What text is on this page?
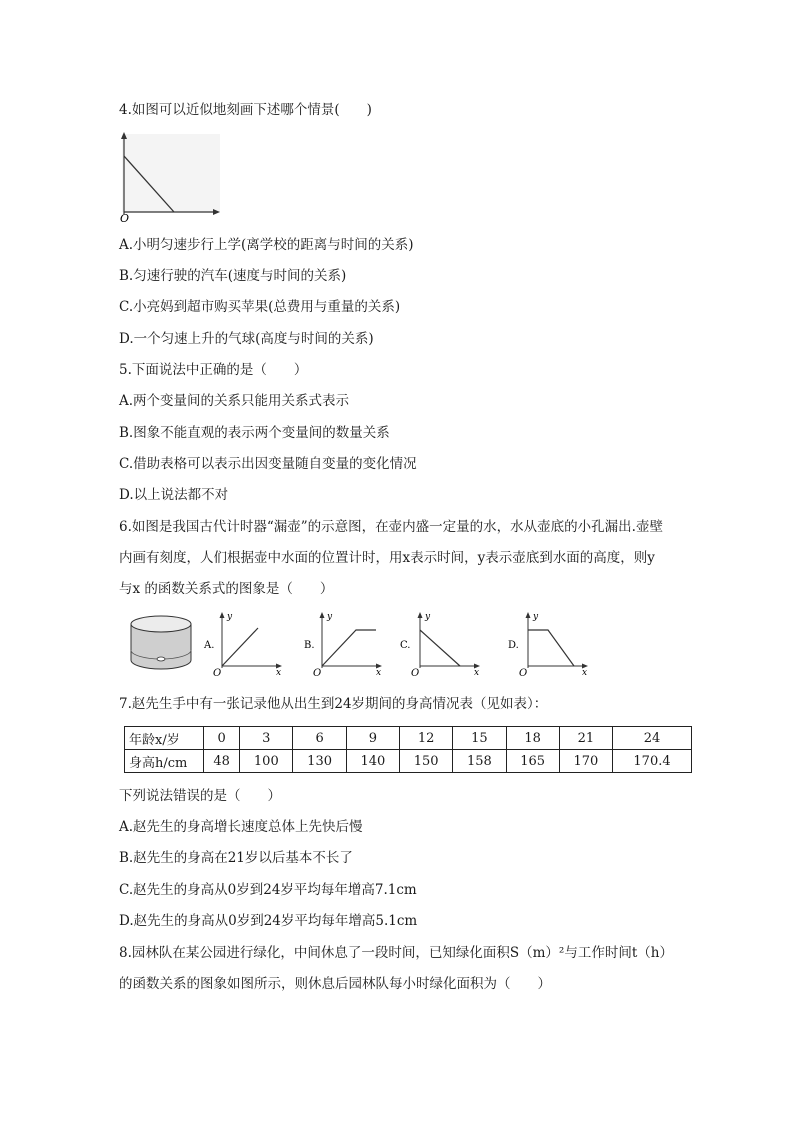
4.如图可以近似地刻画下述哪个情景(　　)
O
A.小明匀速步行上学(离学校的距离与时间的关系)
B.匀速行驶的汽车(速度与时间的关系)
C.小亮妈到超市购买苹果(总费用与重量的关系)
D.一个匀速上升的气球(高度与时间的关系)
5.下面说法中正确的是（　　）
A.两个变量间的关系只能用关系式表示
B.图象不能直观的表示两个变量间的数量关系
C.借助表格可以表示出因变量随自变量的变化情况
D.以上说法都不对
6.如图是我国古代计时器“漏壶”的示意图，在壶内盛一定量的水，水从壶底的小孔漏出.壶壁
内画有刻度，人们根据壶中水面的位置计时，用x表示时间，y表示壶底到水面的高度，则y
与x 的函数关系式的图象是（　　）
A.
y
x
O
B.
y
x
O
C.
y
x
O
D.
y
x
O
7.赵先生手中有一张记录他从出生到24岁期间的身高情况表（见如表）：
年龄x/岁	0	3	6	9	12	15	18	21	24
身高h/cm	48	100	130	140	150	158	165	170	170.4
下列说法错误的是（　　）
A.赵先生的身高增长速度总体上先快后慢
B.赵先生的身高在21岁以后基本不长了
C.赵先生的身高从0岁到24岁平均每年增高7.1cm
D.赵先生的身高从0岁到24岁平均每年增高5.1cm
8.园林队在某公园进行绿化，中间休息了一段时间，已知绿化面积S（m）²与工作时间t（h）
的函数关系的图象如图所示，则休息后园林队每小时绿化面积为（　　）
